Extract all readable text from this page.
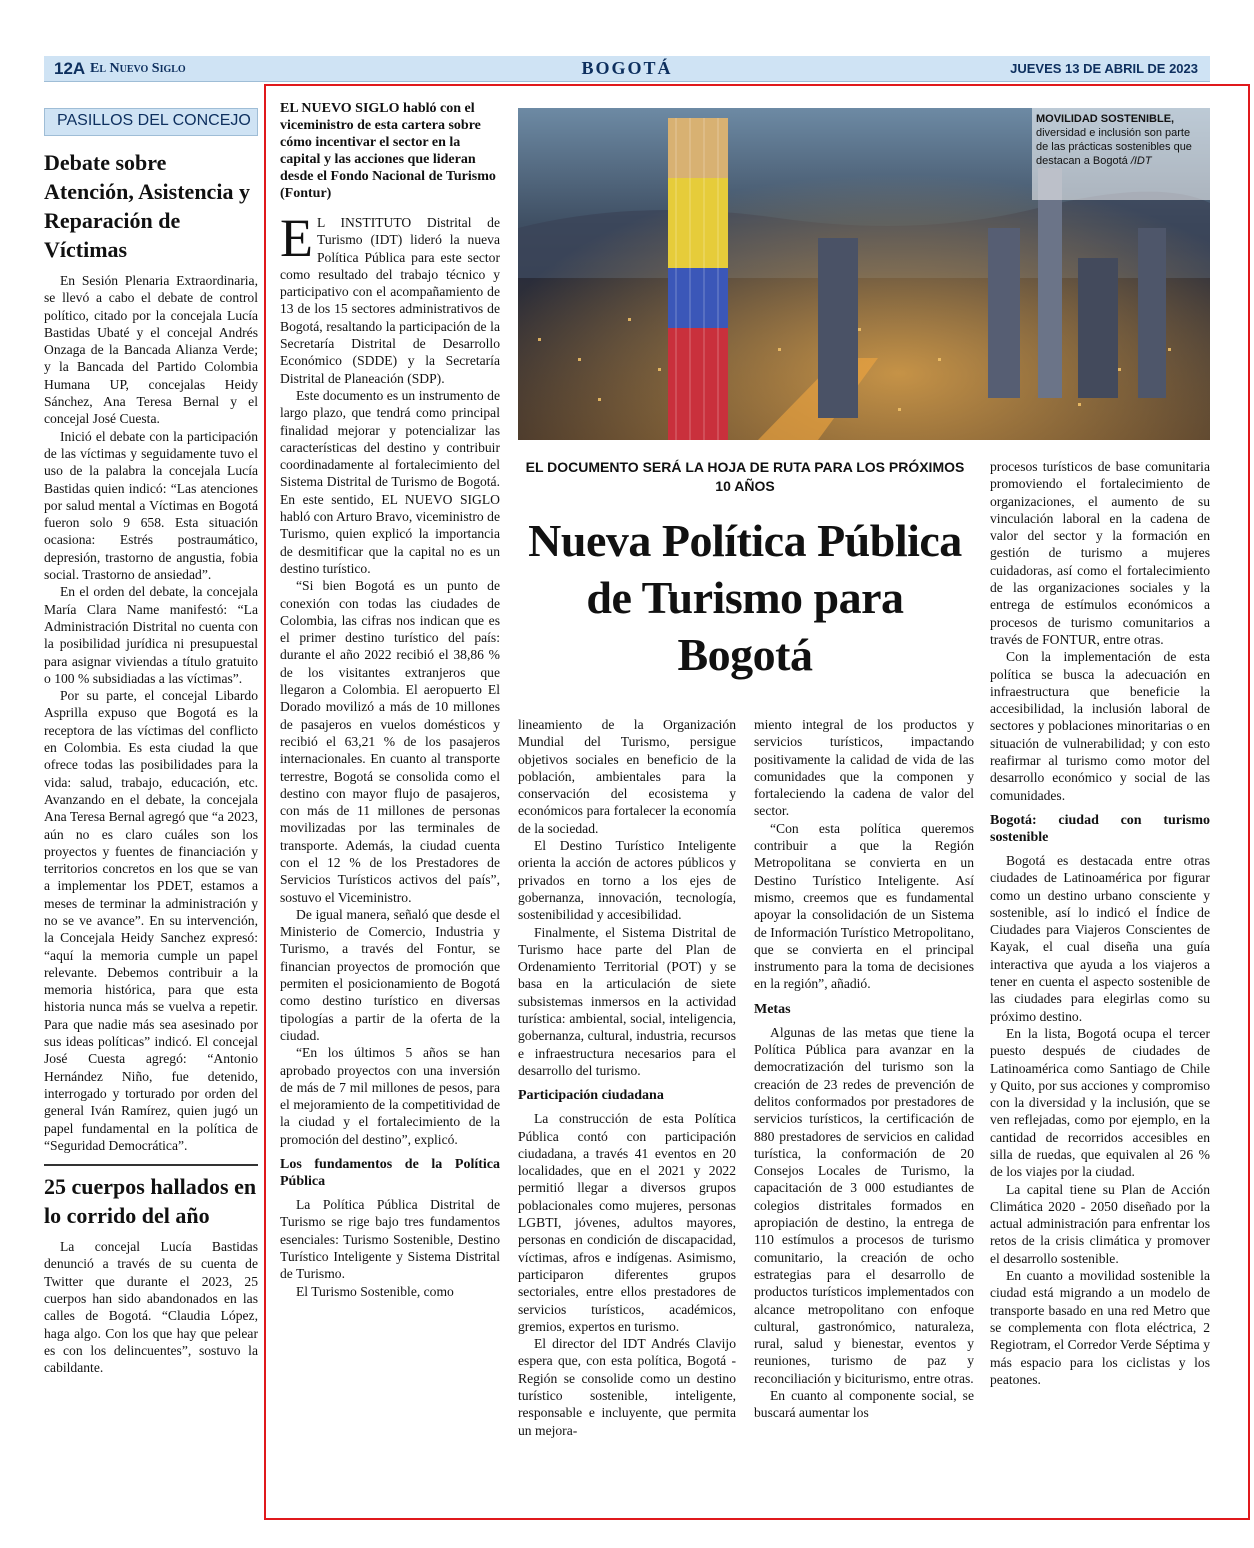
12A El Nuevo Siglo	BOGOTÁ	JUEVES 13 DE ABRIL DE 2023
PASILLOS DEL CONCEJO
Debate sobre Atención, Asistencia y Reparación de Víctimas

En Sesión Plenaria Extraordinaria, se llevó a cabo el debate de control político, citado por la concejala Lucía Bastidas Ubaté y el concejal Andrés Onzaga de la Bancada Alianza Verde; y la Bancada del Partido Colombia Humana UP, concejalas Heidy Sánchez, Ana Teresa Bernal y el concejal José Cuesta.

Inició el debate con la participación de las víctimas y seguidamente tuvo el uso de la palabra la concejala Lucía Bastidas quien indicó: “Las atenciones por salud mental a Víctimas en Bogotá fueron solo 9 658. Esta situación ocasiona: Estrés postraumático, depresión, trastorno de angustia, fobia social. Trastorno de ansiedad”.

En el orden del debate, la concejala María Clara Name manifestó: “La Administración Distrital no cuenta con la posibilidad jurídica ni presupuestal para asignar viviendas a título gratuito o 100 % subsidiadas a las víctimas”.

Por su parte, el concejal Libardo Asprilla expuso que Bogotá es la receptora de las víctimas del conflicto en Colombia. Es esta ciudad la que ofrece todas las posibilidades para la vida: salud, trabajo, educación, etc. Avanzando en el debate, la concejala Ana Teresa Bernal agregó que “a 2023, aún no es claro cuáles son los proyectos y fuentes de financiación y territorios concretos en los que se van a implementar los PDET, estamos a meses de terminar la administración y no se ve avance”. En su intervención, la Concejala Heidy Sanchez expresó: “aquí la memoria cumple un papel relevante. Debemos contribuir a la memoria histórica, para que esta historia nunca más se vuelva a repetir. Para que nadie más sea asesinado por sus ideas políticas” indicó. El concejal José Cuesta agregó: “Antonio Hernández Niño, fue detenido, interrogado y torturado por orden del general Iván Ramírez, quien jugó un papel fundamental en la política de “Seguridad Democrática”.

25 cuerpos hallados en lo corrido del año

La concejal Lucía Bastidas denunció a través de su cuenta de Twitter que durante el 2023, 25 cuerpos han sido abandonados en las calles de Bogotá. “Claudia López, haga algo. Con los que hay que pelear es con los delincuentes”, sostuvo la cabildante.

EL NUEVO SIGLO habló con el viceministro de esta cartera sobre cómo incentivar el sector en la capital y las acciones que lideran desde el Fondo Nacional de Turismo (Fontur)

E L INSTITUTO Distrital de Turismo (IDT) lideró la nueva Política Pública para este sector como resultado del trabajo técnico y participativo con el acompañamiento de 13 de los 15 sectores administrativos de Bogotá, resaltando la participación de la Secretaría Distrital de Desarrollo Económico (SDDE) y la Secretaría Distrital de Planeación (SDP).

Este documento es un instrumento de largo plazo, que tendrá como principal finalidad mejorar y potencializar las características del destino y contribuir coordinadamente al fortalecimiento del Sistema Distrital de Turismo de Bogotá. En este sentido, EL NUEVO SIGLO habló con Arturo Bravo, viceministro de Turismo, quien explicó la importancia de desmitificar que la capital no es un destino turístico.

“Si bien Bogotá es un punto de conexión con todas las ciudades de Colombia, las cifras nos indican que es el primer destino turístico del país: durante el año 2022 recibió el 38,86 % de los visitantes extranjeros que llegaron a Colombia. El aeropuerto El Dorado movilizó a más de 10 millones de pasajeros en vuelos domésticos y recibió el 63,21 % de los pasajeros internacionales. En cuanto al transporte terrestre, Bogotá se consolida como el destino con mayor flujo de pasajeros, con más de 11 millones de personas movilizadas por las terminales de transporte. Además, la ciudad cuenta con el 12 % de los Prestadores de Servicios Turísticos activos del país”, sostuvo el Viceministro.

De igual manera, señaló que desde el Ministerio de Comercio, Industria y Turismo, a través del Fontur, se financian proyectos de promoción que permiten el posicionamiento de Bogotá como destino turístico en diversas tipologías a partir de la oferta de la ciudad.

“En los últimos 5 años se han aprobado proyectos con una inversión de más de 7 mil millones de pesos, para el mejoramiento de la competitividad de la ciudad y el fortalecimiento de la promoción del destino”, explicó.

Los fundamentos de la Política Pública

La Política Pública Distrital de Turismo se rige bajo tres fundamentos esenciales: Turismo Sostenible, Destino Turístico Inteligente y Sistema Distrital de Turismo.

El Turismo Sostenible, como

MOVILIDAD SOSTENIBLE, diversidad e inclusión son parte de las prácticas sostenibles que destacan a Bogotá /IDT
EL DOCUMENTO SERÁ LA HOJA DE RUTA PARA LOS PRÓXIMOS 10 AÑOS
Nueva Política Pública de Turismo para Bogotá

lineamiento de la Organización Mundial del Turismo, persigue objetivos sociales en beneficio de la población, ambientales para la conservación del ecosistema y económicos para fortalecer la economía de la sociedad.

El Destino Turístico Inteligente orienta la acción de actores públicos y privados en torno a los ejes de gobernanza, innovación, tecnología, sostenibilidad y accesibilidad.

Finalmente, el Sistema Distrital de Turismo hace parte del Plan de Ordenamiento Territorial (POT) y se basa en la articulación de siete subsistemas inmersos en la actividad turística: ambiental, social, inteligencia, gobernanza, cultural, industria, recursos e infraestructura necesarios para el desarrollo del turismo.

Participación ciudadana

La construcción de esta Política Pública contó con participación ciudadana, a través 41 eventos en 20 localidades, que en el 2021 y 2022 permitió llegar a diversos grupos poblacionales como mujeres, personas LGBTI, jóvenes, adultos mayores, personas en condición de discapacidad, víctimas, afros e indígenas. Asimismo, participaron diferentes grupos sectoriales, entre ellos prestadores de servicios turísticos, académicos, gremios, expertos en turismo.

El director del IDT Andrés Clavijo espera que, con esta política, Bogotá - Región se consolide como un destino turístico sostenible, inteligente, responsable e incluyente, que permita un mejora-

miento integral de los productos y servicios turísticos, impactando positivamente la calidad de vida de las comunidades que la componen y fortaleciendo la cadena de valor del sector.

“Con esta política queremos contribuir a que la Región Metropolitana se convierta en un Destino Turístico Inteligente. Así mismo, creemos que es fundamental apoyar la consolidación de un Sistema de Información Turístico Metropolitano, que se convierta en el principal instrumento para la toma de decisiones en la región”, añadió.

Metas

Algunas de las metas que tiene la Política Pública para avanzar en la democratización del turismo son la creación de 23 redes de prevención de delitos conformados por prestadores de servicios turísticos, la certificación de 880 prestadores de servicios en calidad turística, la conformación de 20 Consejos Locales de Turismo, la capacitación de 3 000 estudiantes de colegios distritales formados en apropiación de destino, la entrega de 110 estímulos a procesos de turismo comunitario, la creación de ocho estrategias para el desarrollo de productos turísticos implementados con alcance metropolitano con enfoque cultural, gastronómico, naturaleza, rural, salud y bienestar, eventos y reuniones, turismo de paz y reconciliación y biciturismo, entre otras.

En cuanto al componente social, se buscará aumentar los

procesos turísticos de base comunitaria promoviendo el fortalecimiento de organizaciones, el aumento de su vinculación laboral en la cadena de valor del sector y la formación en gestión de turismo a mujeres cuidadoras, así como el fortalecimiento de las organizaciones sociales y la entrega de estímulos económicos a procesos de turismo comunitarios a través de FONTUR, entre otras.

Con la implementación de esta política se busca la adecuación en infraestructura que beneficie la accesibilidad, la inclusión laboral de sectores y poblaciones minoritarias o en situación de vulnerabilidad; y con esto reafirmar al turismo como motor del desarrollo económico y social de las comunidades.

Bogotá: ciudad con turismo sostenible

Bogotá es destacada entre otras ciudades de Latinoamérica por figurar como un destino urbano consciente y sostenible, así lo indicó el Índice de Ciudades para Viajeros Conscientes de Kayak, el cual diseña una guía interactiva que ayuda a los viajeros a tener en cuenta el aspecto sostenible de las ciudades para elegirlas como su próximo destino.

En la lista, Bogotá ocupa el tercer puesto después de ciudades de Latinoamérica como Santiago de Chile y Quito, por sus acciones y compromiso con la diversidad y la inclusión, que se ven reflejadas, como por ejemplo, en la cantidad de recorridos accesibles en silla de ruedas, que equivalen al 26 % de los viajes por la ciudad.

La capital tiene su Plan de Acción Climática 2020 - 2050 diseñado por la actual administración para enfrentar los retos de la crisis climática y promover el desarrollo sostenible.

En cuanto a movilidad sostenible la ciudad está migrando a un modelo de transporte basado en una red Metro que se complementa con flota eléctrica, 2 Regiotram, el Corredor Verde Séptima y más espacio para los ciclistas y los peatones.
